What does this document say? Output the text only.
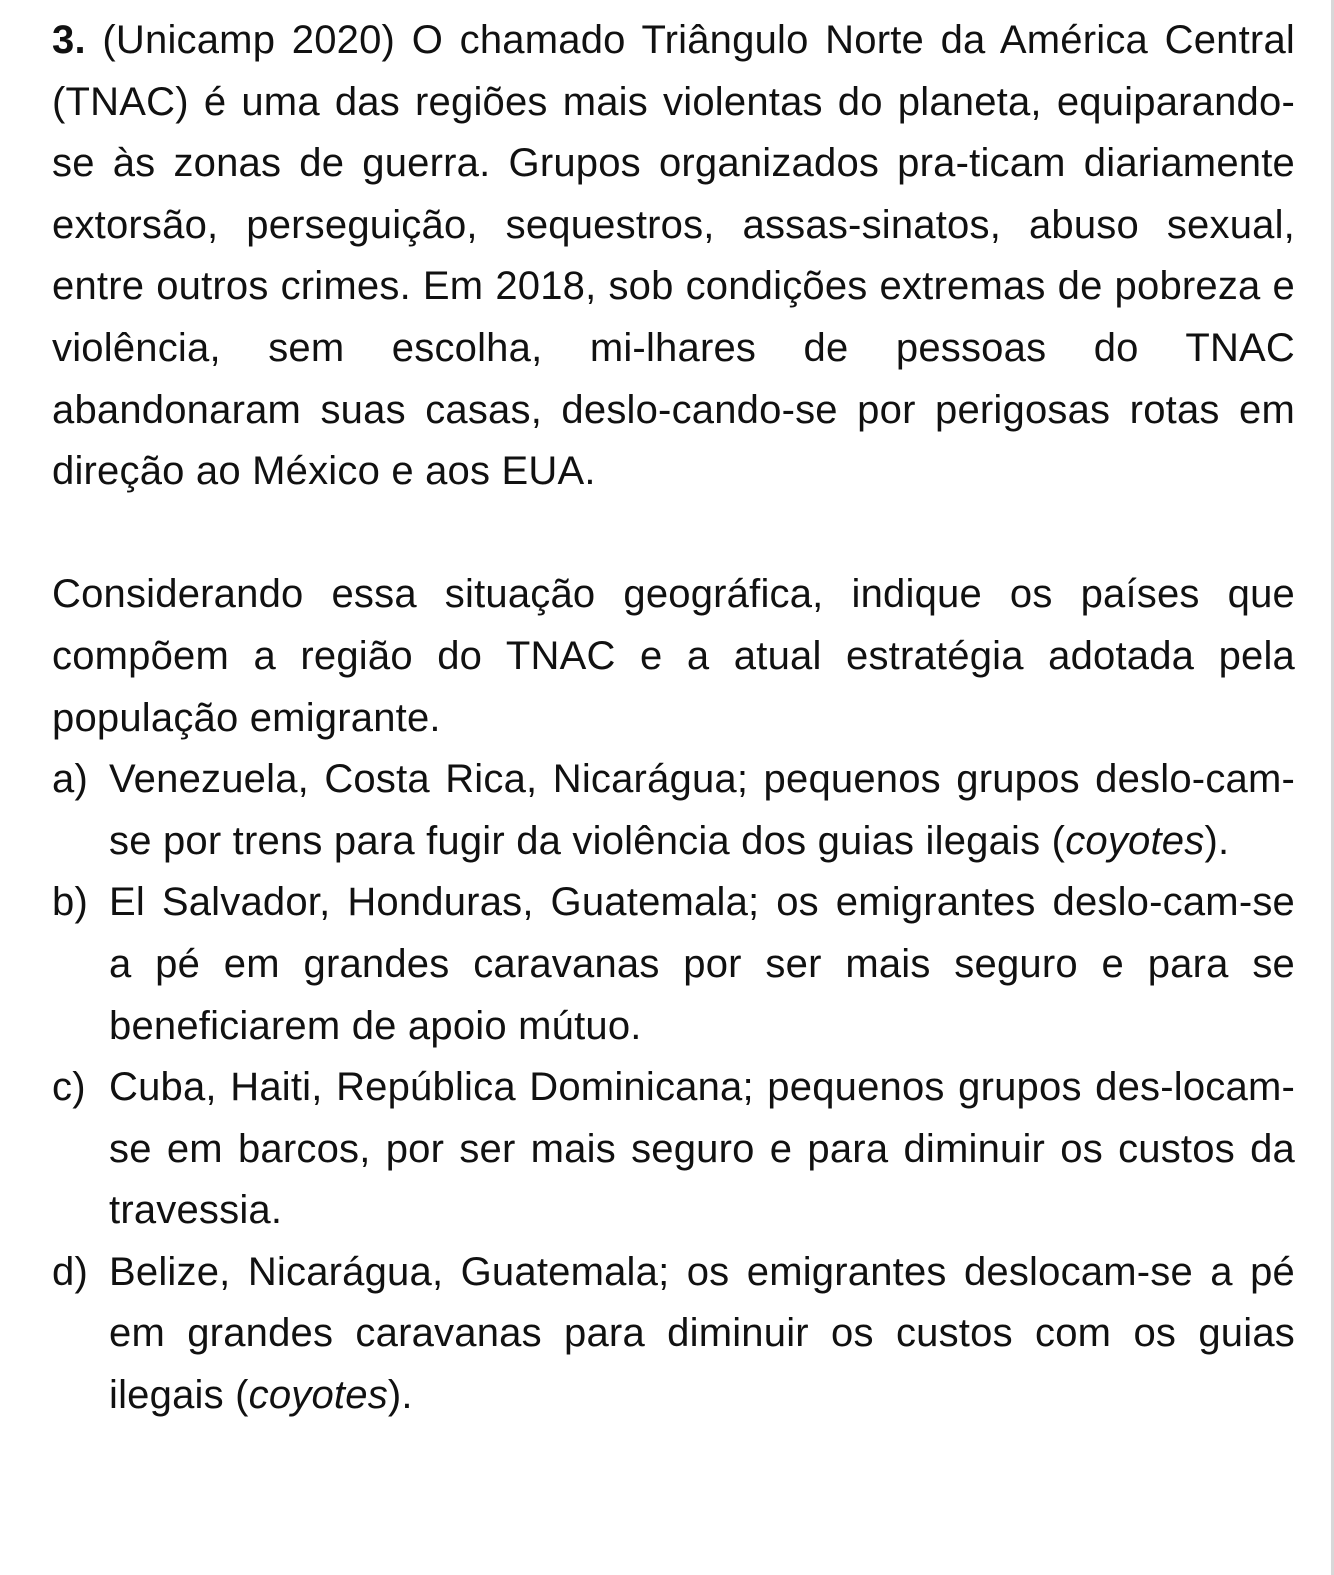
3. (Unicamp 2020) O chamado Triângulo Norte da América Central (TNAC) é uma das regiões mais violentas do planeta, equiparando-se às zonas de guerra. Grupos organizados pra-ticam diariamente extorsão, perseguição, sequestros, assas-sinatos, abuso sexual, entre outros crimes. Em 2018, sob condições extremas de pobreza e violência, sem escolha, mi-lhares de pessoas do TNAC abandonaram suas casas, deslo-cando-se por perigosas rotas em direção ao México e aos EUA.

Considerando essa situação geográfica, indique os países que compõem a região do TNAC e a atual estratégia adotada pela população emigrante.

a) Venezuela, Costa Rica, Nicarágua; pequenos grupos deslo-cam-se por trens para fugir da violência dos guias ilegais (coyotes).
b) El Salvador, Honduras, Guatemala; os emigrantes deslo-cam-se a pé em grandes caravanas por ser mais seguro e para se beneficiarem de apoio mútuo.
c) Cuba, Haiti, República Dominicana; pequenos grupos des-locam-se em barcos, por ser mais seguro e para diminuir os custos da travessia.
d) Belize, Nicarágua, Guatemala; os emigrantes deslocam-se a pé em grandes caravanas para diminuir os custos com os guias ilegais (coyotes).
